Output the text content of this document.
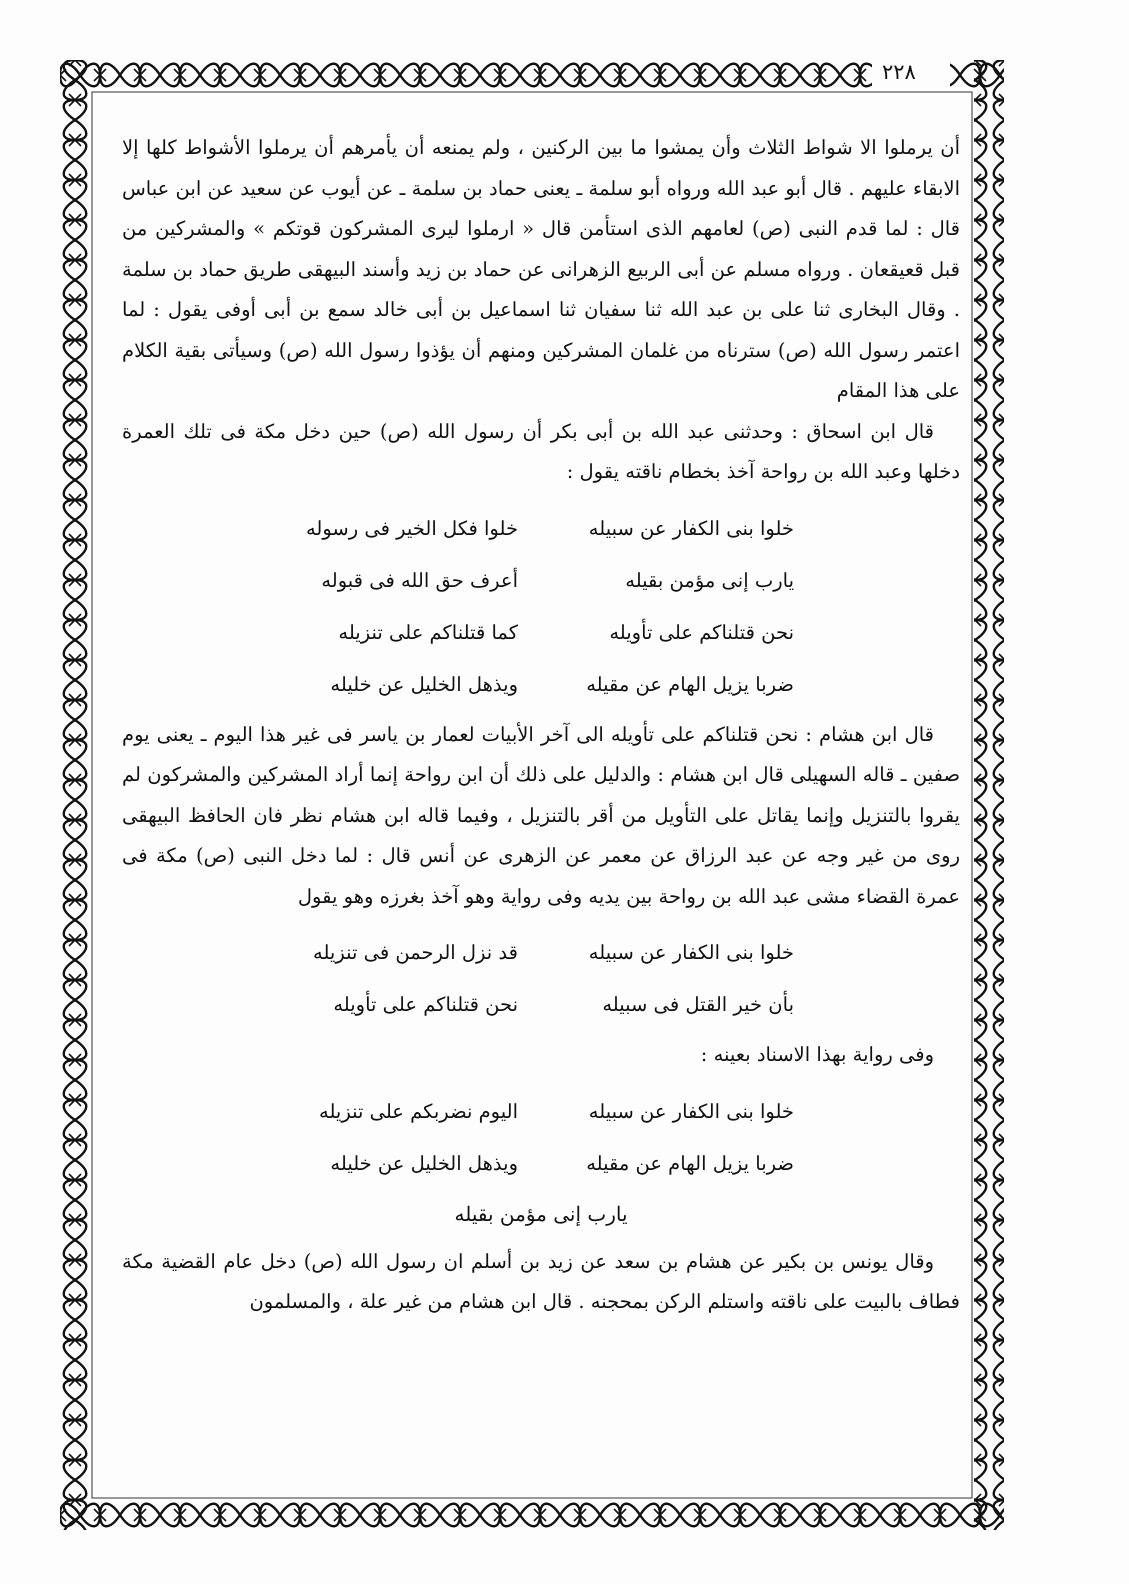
٢٢٨

أن يرملوا الا شواط الثلاث وأن يمشوا ما بين الركنين ، ولم يمنعه أن يأمرهم أن يرملوا الأشواط كلها إلا الابقاء عليهم . قال أبو عبد الله ورواه أبو سلمة ـ يعنى حماد بن سلمة ـ عن أيوب عن سعيد عن ابن عباس قال : لما قدم النبى (ص) لعامهم الذى استأمن قال « ارملوا ليرى المشركون قوتكم » والمشركين من قبل قعيقعان . ورواه مسلم عن أبى الربيع الزهرانى عن حماد بن زيد وأسند البيهقى طريق حماد بن سلمة . وقال البخارى ثنا على بن عبد الله ثنا سفيان ثنا اسماعيل بن أبى خالد سمع بن أبى أوفى يقول : لما اعتمر رسول الله (ص) سترناه من غلمان المشركين ومنهم أن يؤذوا رسول الله (ص) وسيأتى بقية الكلام على هذا المقام

قال ابن اسحاق : وحدثنى عبد الله بن أبى بكر أن رسول الله (ص) حين دخل مكة فى تلك العمرة دخلها وعبد الله بن رواحة آخذ بخطام ناقته يقول :

خلوا بنى الكفار عن سبيله
خلوا فكل الخير فى رسوله
يارب إنى مؤمن بقيله
أعرف حق الله فى قبوله
نحن قتلناكم على تأويله
كما قتلناكم على تنزيله
ضربا يزيل الهام عن مقيله
ويذهل الخليل عن خليله

قال ابن هشام : نحن قتلناكم على تأويله الى آخر الأبيات لعمار بن ياسر فى غير هذا اليوم ـ يعنى يوم صفين ـ قاله السهيلى قال ابن هشام : والدليل على ذلك أن ابن رواحة إنما أراد المشركين والمشركون لم يقروا بالتنزيل وإنما يقاتل على التأويل من أقر بالتنزيل ، وفيما قاله ابن هشام نظر فان الحافظ البيهقى روى من غير وجه عن عبد الرزاق عن معمر عن الزهرى عن أنس قال : لما دخل النبى (ص) مكة فى عمرة القضاء مشى عبد الله بن رواحة بين يديه وفى رواية وهو آخذ بغرزه وهو يقول

خلوا بنى الكفار عن سبيله
قد نزل الرحمن فى تنزيله
بأن خير القتل فى سبيله
نحن قتلناكم على تأويله

وفى رواية بهذا الاسناد بعينه :

خلوا بنى الكفار عن سبيله
اليوم نضربكم على تنزيله
ضربا يزيل الهام عن مقيله
ويذهل الخليل عن خليله
يارب إنى مؤمن بقيله

وقال يونس بن بكير عن هشام بن سعد عن زيد بن أسلم ان رسول الله (ص) دخل عام القضية مكة فطاف بالبيت على ناقته واستلم الركن بمحجنه . قال ابن هشام من غير علة ، والمسلمون
